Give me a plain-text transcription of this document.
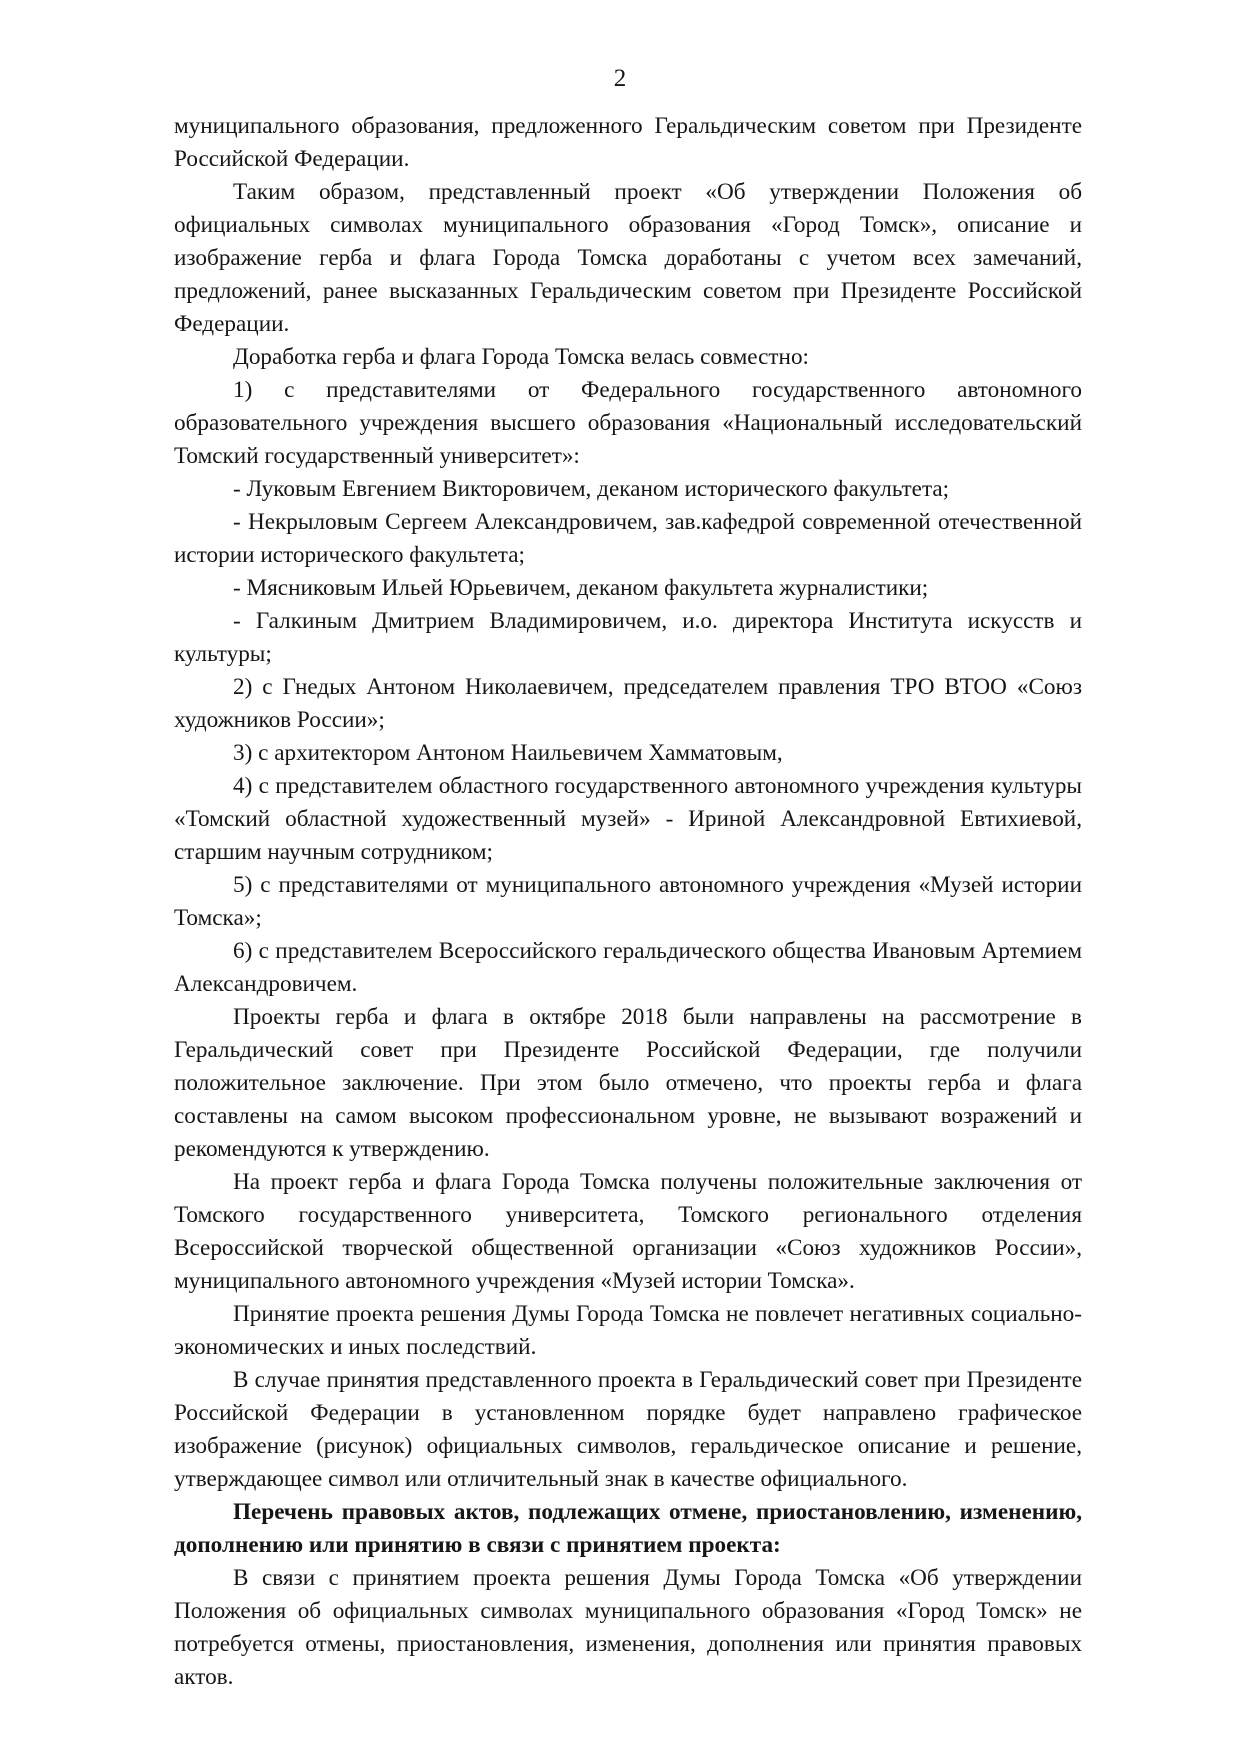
2

муниципального образования, предложенного Геральдическим советом при Президенте Российской Федерации.

Таким образом, представленный проект «Об утверждении Положения об официальных символах муниципального образования «Город Томск», описание и изображение герба и флага Города Томска доработаны с учетом всех замечаний, предложений, ранее высказанных Геральдическим советом при Президенте Российской Федерации.

Доработка герба и флага Города Томска велась совместно:

1) с представителями от Федерального государственного автономного образовательного учреждения высшего образования «Национальный исследовательский Томский государственный университет»:

- Луковым Евгением Викторовичем, деканом исторического факультета;

- Некрыловым Сергеем Александровичем, зав.кафедрой современной отечественной истории исторического факультета;

- Мясниковым Ильей Юрьевичем, деканом факультета журналистики;

- Галкиным Дмитрием Владимировичем, и.о. директора Института искусств и культуры;

2) с Гнедых Антоном Николаевичем, председателем правления ТРО ВТОО «Союз художников России»;

3) с архитектором Антоном Наильевичем Хамматовым,

4) с представителем областного государственного автономного учреждения культуры «Томский областной художественный музей» - Ириной Александровной Евтихиевой, старшим научным сотрудником;

5) с представителями от муниципального автономного учреждения «Музей истории Томска»;

6) с представителем Всероссийского геральдического общества Ивановым Артемием Александровичем.

Проекты герба и флага в октябре 2018 были направлены на рассмотрение в Геральдический совет при Президенте Российской Федерации, где получили положительное заключение. При этом было отмечено, что проекты герба и флага составлены на самом высоком профессиональном уровне, не вызывают возражений и рекомендуются к утверждению.

На проект герба и флага Города Томска получены положительные заключения от Томского государственного университета, Томского регионального отделения Всероссийской творческой общественной организации «Союз художников России», муниципального автономного учреждения «Музей истории Томска».

Принятие проекта решения Думы Города Томска не повлечет негативных социально-экономических и иных последствий.

В случае принятия представленного проекта в Геральдический совет при Президенте Российской Федерации в установленном порядке будет направлено графическое изображение (рисунок) официальных символов, геральдическое описание и решение, утверждающее символ или отличительный знак в качестве официального.

Перечень правовых актов, подлежащих отмене, приостановлению, изменению, дополнению или принятию в связи с принятием проекта:

В связи с принятием проекта решения Думы Города Томска «Об утверждении Положения об официальных символах муниципального образования «Город Томск» не потребуется отмены, приостановления, изменения, дополнения или принятия правовых актов.
